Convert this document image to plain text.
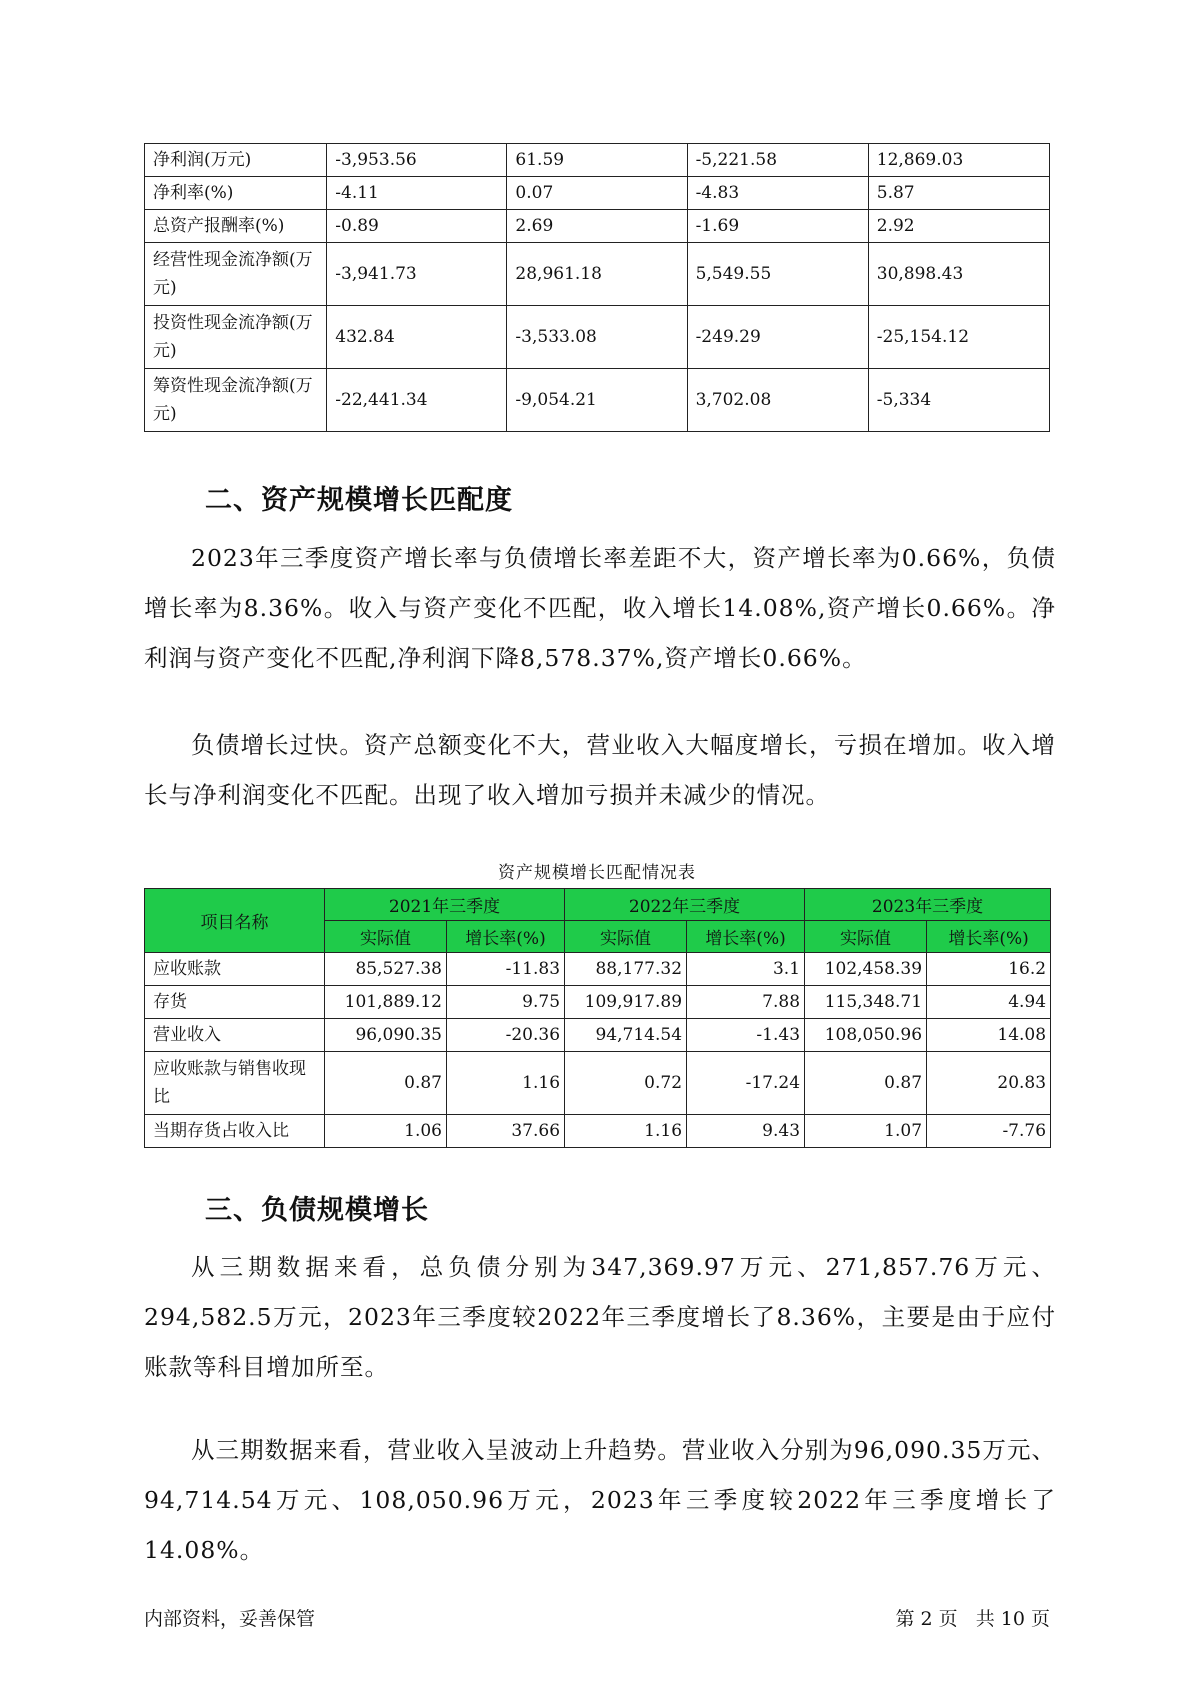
净利润(万元)	-3,953.56	61.59	-5,221.58	12,869.03
净利率(%)	-4.11	0.07	-4.83	5.87
总资产报酬率(%)	-0.89	2.69	-1.69	2.92
经营性现金流净额(万元)	-3,941.73	28,961.18	5,549.55	30,898.43
投资性现金流净额(万元)	432.84	-3,533.08	-249.29	-25,154.12
筹资性现金流净额(万元)	-22,441.34	-9,054.21	3,702.08	-5,334
二、资产规模增长匹配度

2023年三季度资产增长率与负债增长率差距不大，资产增长率为0.66%，负债增长率为8.36%。收入与资产变化不匹配，收入增长14.08%,资产增长0.66%。净利润与资产变化不匹配,净利润下降8,578.37%,资产增长0.66%。

负债增长过快。资产总额变化不大，营业收入大幅度增长，亏损在增加。收入增长与净利润变化不匹配。出现了收入增加亏损并未减少的情况。

资产规模增长匹配情况表

项目名称	2021年三季度		2022年三季度		2023年三季度	
	实际值	增长率(%)	实际值	增长率(%)	实际值	增长率(%)
应收账款	85,527.38	-11.83	88,177.32	3.1	102,458.39	16.2
存货	101,889.12	9.75	109,917.89	7.88	115,348.71	4.94
营业收入	96,090.35	-20.36	94,714.54	-1.43	108,050.96	14.08
应收账款与销售收现比	0.87	1.16	0.72	-17.24	0.87	20.83
当期存货占收入比	1.06	37.66	1.16	9.43	1.07	-7.76
三、负债规模增长

从三期数据来看，总负债分别为347,369.97万元、271,857.76万元、294,582.5万元，2023年三季度较2022年三季度增长了8.36%，主要是由于应付账款等科目增加所至。

从三期数据来看，营业收入呈波动上升趋势。营业收入分别为96,090.35万元、94,714.54万元、108,050.96万元，2023年三季度较2022年三季度增长了14.08%。

内部资料，妥善保管	第 2 页   共 10 页
